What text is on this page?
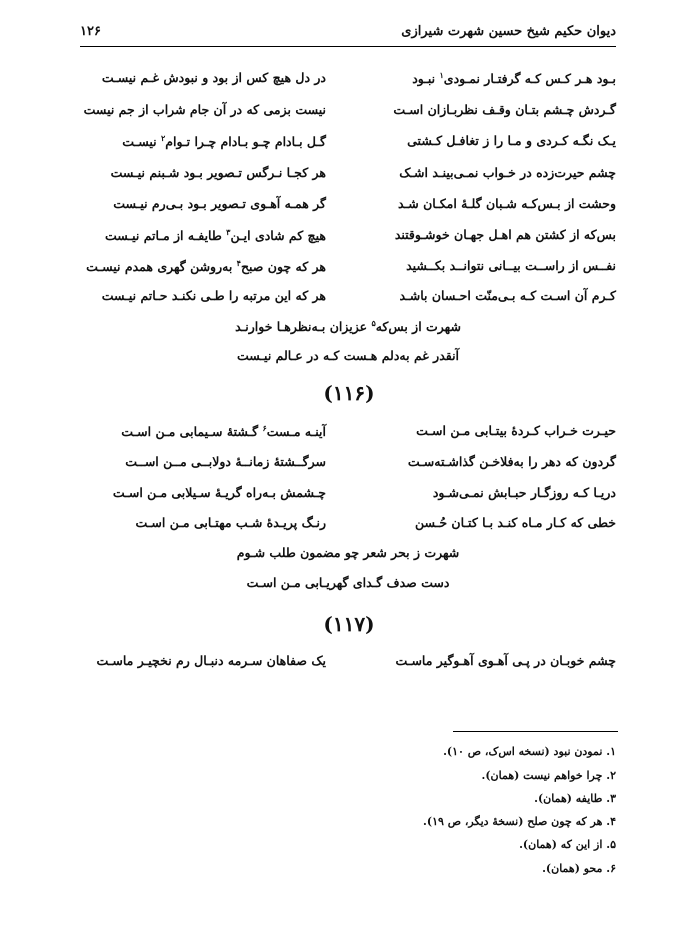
دیوان حکیم شیخ حسین شهرت شیرازی
۱۲۶
بـود هـر کـس کـه گرفتـار نمـودی$^۱$ نبـود
در دل هیچ کس از بود و نبودش غـم نیسـت
گـردش چـشم بتـان وقـف نظربـازان اسـت
نیست بزمی که در آن جام شراب از جم نیست
یـک نگـه کـردی و مـا را ز تغافـل کـشتی
گـل بـادام چـو بـادام چـرا تـوام$^۲$ نیسـت
چشم حیرت‌زده در خـواب نمـی‌بینـد اشـک
هر کجـا نـرگس تـصویر بـود شـبنم نیـست
وحشت از بـس‌کـه شـبان گلـهٔ امکـان شـد
گر همـه آهـوی تـصویر بـود بـی‌رم نیـست
بس‌که از کشتن هم اهـل جهـان خوشـوقتند
هیچ کم شادی ایـن$^۳$ طایفـه از مـاتم نیـست
نفــس از راســت بیــانی نتوانــد بکــشید
هر که چون صبح$^۴$ به‌روشن گهری همدم نیسـت
کـرم آن اسـت کـه بـی‌منّت احـسان باشـد
هر که این مرتبه را طـی نکنـد حـاتم نیـست
شهرت از بس‌که$^۵$ عزیزان بـه‌نظرهـا خوارنـد
آنقدر غم به‌دلم هـست کـه در عـالم نیـست
(۱۱۶)
حیـرت خـراب کـردهٔ بیتـابی مـن اسـت
آینـه مـست$^۶$ گـشتهٔ سـیمابی مـن اسـت
گردون که دهر را به‌فلاخـن گذاشـته‌سـت
سرگــشتهٔ زمانــهٔ دولابــی مــن اســت
دریـا کـه روزگـار حبـابش نمـی‌شـود
چـشمش بـه‌راه گریـهٔ سـیلابی مـن اسـت
خطی که کـار مـاه کنـد بـا کتـان حُـسن
رنـگ پریـدهٔ شـب مهتـابی مـن اسـت
شهرت ز بحر شعر چو مضمون طلب شـوم
دست صدف گـدای گهریـابی مـن اسـت
(۱۱۷)
چشم خوبـان در پـی آهـوی آهـوگیر ماسـت
یک صفاهان سـرمه دنبـال رم نخچیـر ماسـت
۱. نمودن نبود (نسخه اس‌ک، ص ۱۰).
۲. چرا خواهم نیست (همان).
۳. طایفه (همان).
۴. هر که چون صلح (نسخهٔ دیگر، ص ۱۹).
۵. از این که (همان).
۶. محو (همان).
